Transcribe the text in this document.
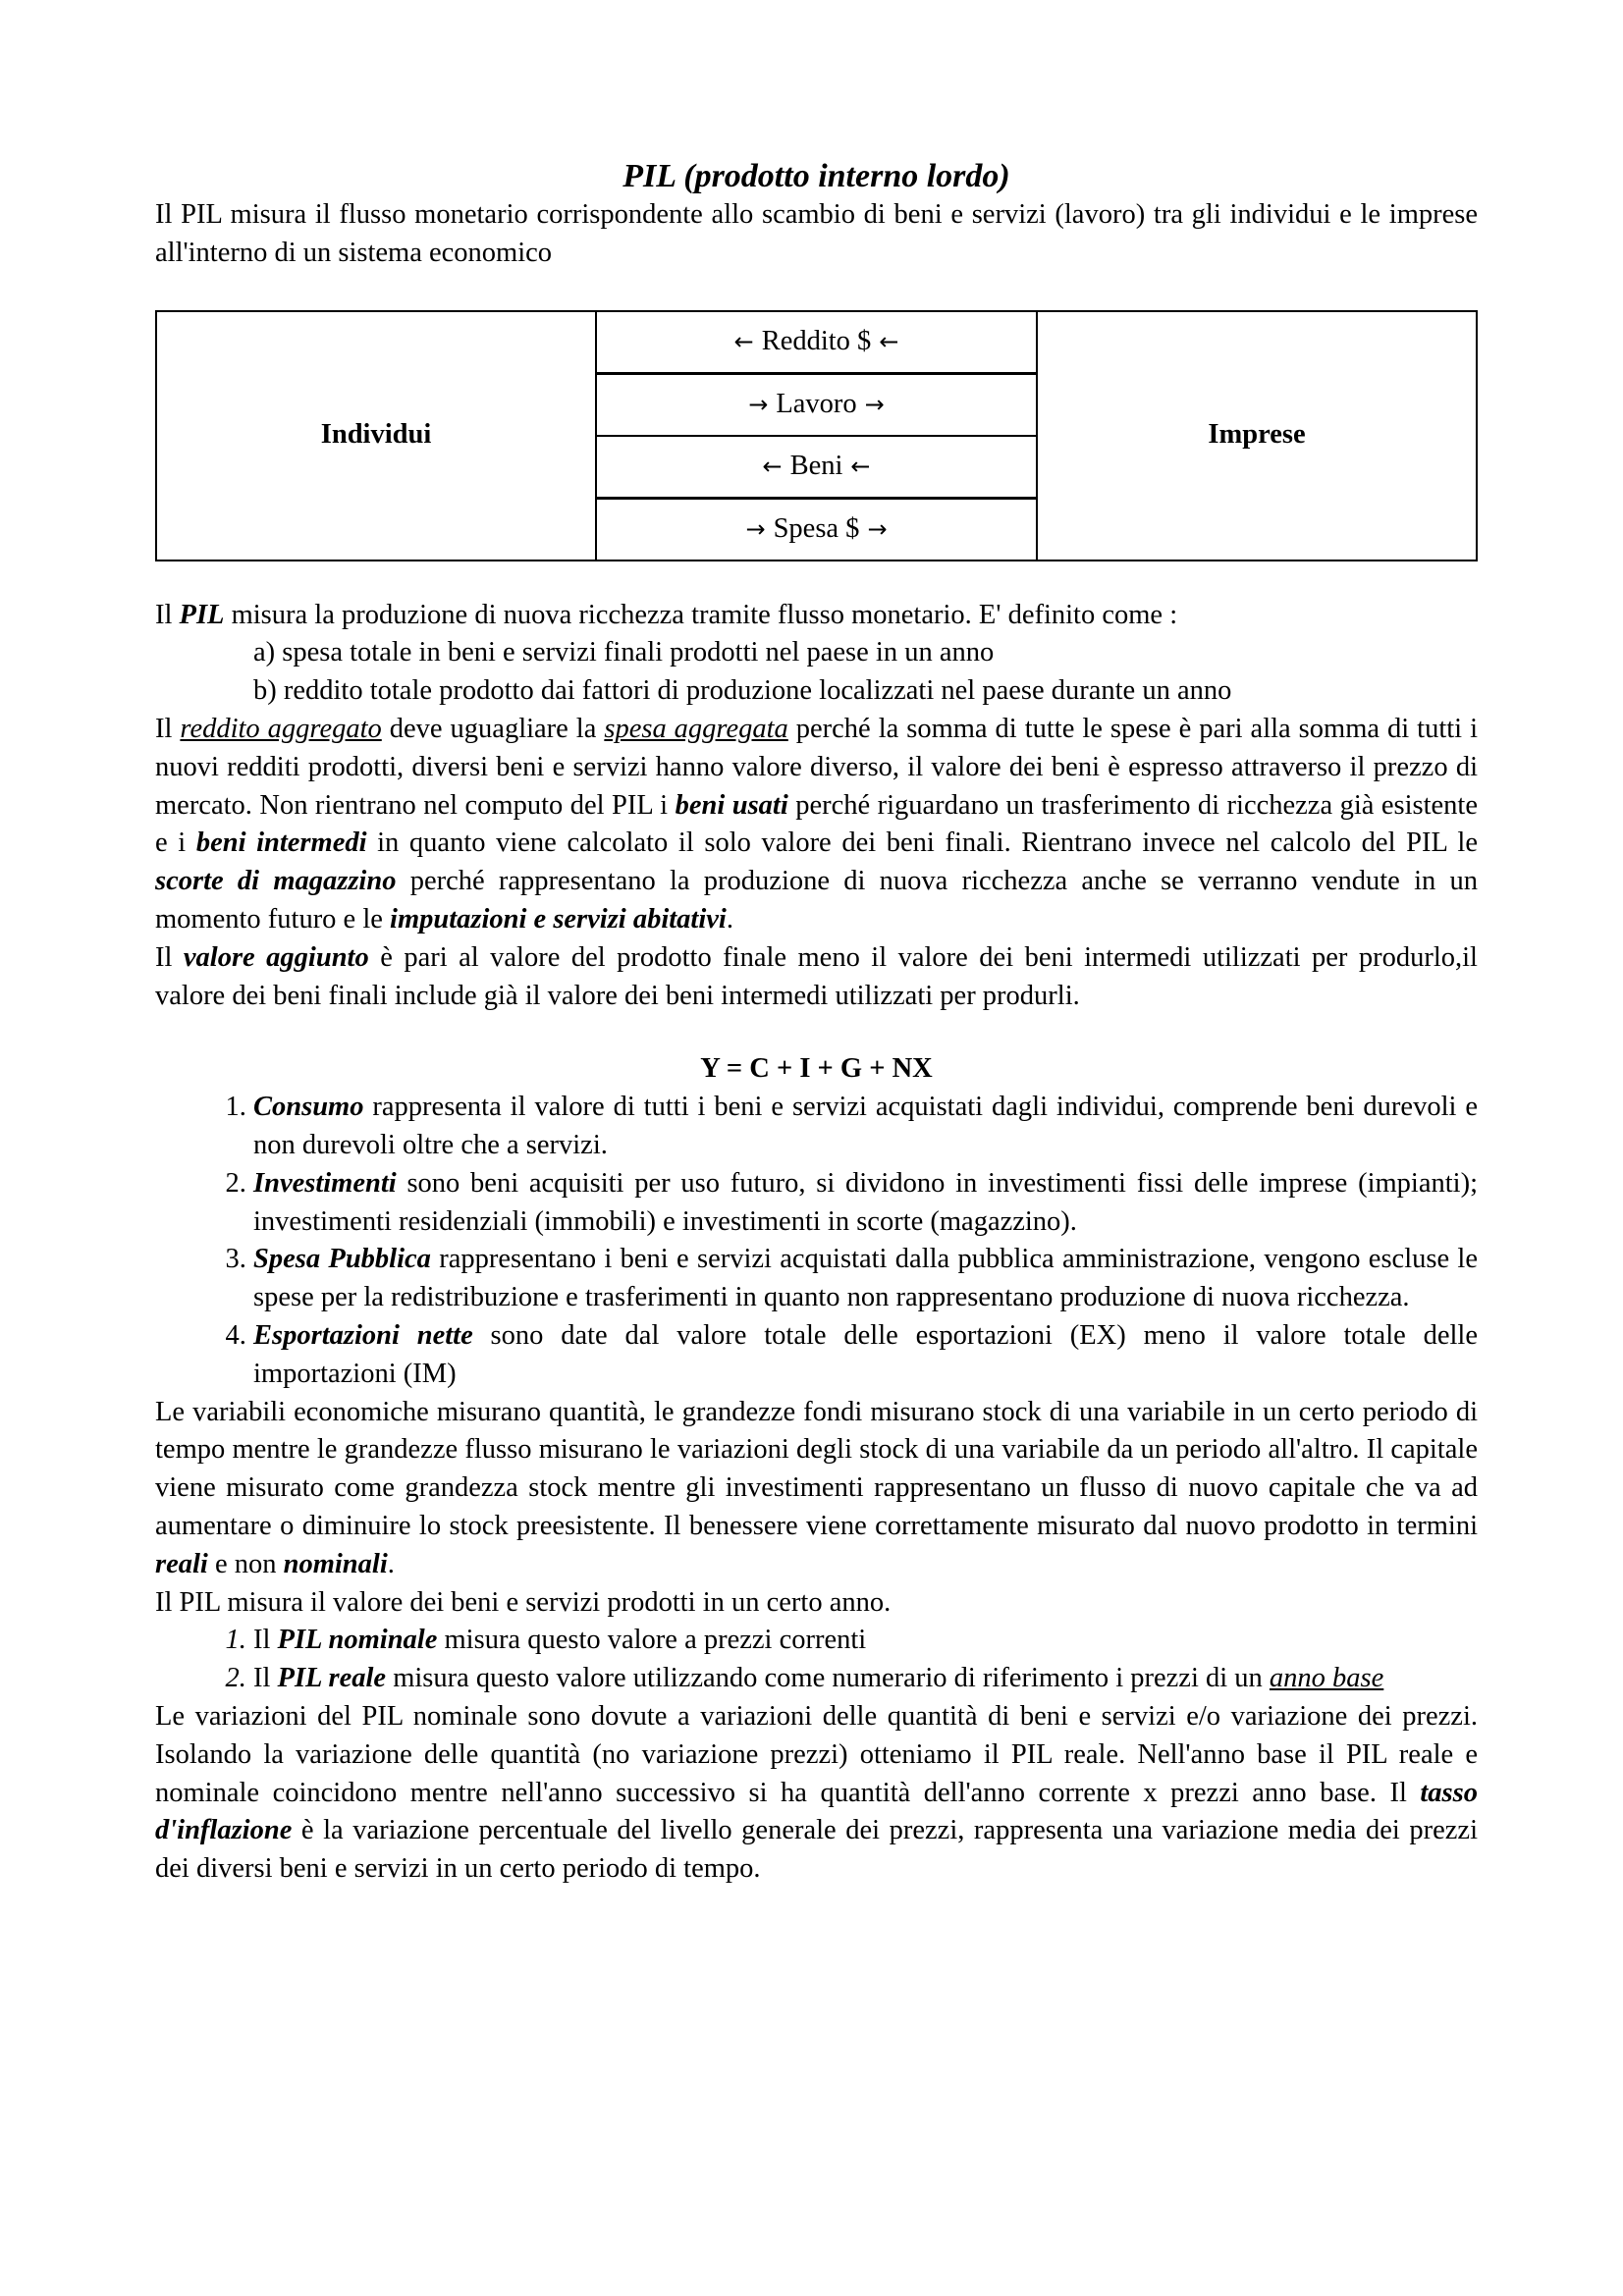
PIL (prodotto interno lordo)

Il PIL misura il flusso monetario corrispondente allo scambio di beni e servizi (lavoro) tra gli individui e le imprese all'interno di un sistema economico

Individui	← Reddito $ ←	Imprese
→ Lavoro →
← Beni ←
→ Spesa $ →

Il PIL misura la produzione di nuova ricchezza tramite flusso monetario. E' definito come :

a) spesa totale in beni e servizi finali prodotti nel paese in un anno

b) reddito totale prodotto dai fattori di produzione localizzati nel paese durante un anno

Il reddito aggregato deve uguagliare la spesa aggregata perché la somma di tutte le spese è pari alla somma di tutti i nuovi redditi prodotti, diversi beni e servizi hanno valore diverso, il valore dei beni è espresso attraverso il prezzo di mercato. Non rientrano nel computo del PIL i beni usati perché riguardano un trasferimento di ricchezza già esistente e i beni intermedi in quanto viene calcolato il solo valore dei beni finali. Rientrano invece nel calcolo del PIL le scorte di magazzino perché rappresentano la produzione di nuova ricchezza anche se verranno vendute in un momento futuro e le imputazioni e servizi abitativi.

Il valore aggiunto è pari al valore del prodotto finale meno il valore dei beni intermedi utilizzati per produrlo,il valore dei beni finali include già il valore dei beni intermedi utilizzati per produrli.

Y = C + I + G + NX

1. Consumo rappresenta il valore di tutti i beni e servizi acquistati dagli individui, comprende beni durevoli e non durevoli oltre che a servizi.
2. Investimenti sono beni acquisiti per uso futuro, si dividono in investimenti fissi delle imprese (impianti); investimenti residenziali (immobili) e investimenti in scorte (magazzino).
3. Spesa Pubblica rappresentano i beni e servizi acquistati dalla pubblica amministrazione, vengono escluse le spese per la redistribuzione e trasferimenti in quanto non rappresentano produzione di nuova ricchezza.
4. Esportazioni nette sono date dal valore totale delle esportazioni (EX) meno il valore totale delle importazioni (IM)

Le variabili economiche misurano quantità, le grandezze fondi misurano stock di una variabile in un certo periodo di tempo mentre le grandezze flusso misurano le variazioni degli stock di una variabile da un periodo all'altro. Il capitale viene misurato come grandezza stock mentre gli investimenti rappresentano un flusso di nuovo capitale che va ad aumentare o diminuire lo stock preesistente. Il benessere viene correttamente misurato dal nuovo prodotto in termini reali e non nominali.

Il PIL misura il valore dei beni e servizi prodotti in un certo anno.

1. Il PIL nominale misura questo valore a prezzi correnti
2. Il PIL reale misura questo valore utilizzando come numerario di riferimento i prezzi di un anno base

Le variazioni del PIL nominale sono dovute a variazioni delle quantità di beni e servizi e/o variazione dei prezzi. Isolando la variazione delle quantità (no variazione prezzi) otteniamo il PIL reale. Nell'anno base il PIL reale e nominale coincidono mentre nell'anno successivo si ha quantità dell'anno corrente x prezzi anno base. Il tasso d'inflazione è la variazione percentuale del livello generale dei prezzi, rappresenta una variazione media dei prezzi dei diversi beni e servizi in un certo periodo di tempo.
